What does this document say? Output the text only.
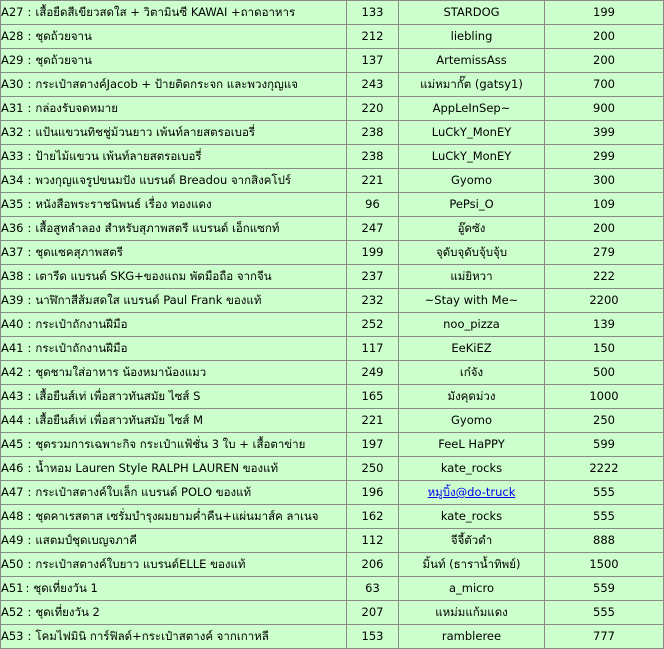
A27 : เสื้อยืดสีเขียวสดใส + วิตามินซี KAWAI +ถาดอาหาร	133	STARDOG	199
A28 : ชุดถ้วยจาน	212	liebling	200
A29 : ชุดถ้วยจาน	137	ArtemissAss	200
A30 : กระเป๋าสตางค์Jacob + ป้ายติดกระจก และพวงกุญแจ	243	แม่หมากั๊ต (gatsy1)	700
A31 : กล่องรับจดหมาย	220	AppLeInSep~	900
A32 : แป้นแขวนทิชชู่ม้วนยาว เพ้นท์ลายสตรอเบอรี่	238	LuCkY_MonEY	399
A33 : ป้ายไม้แขวน เพ้นท์ลายสตรอเบอรี่	238	LuCkY_MonEY	299
A34 : พวงกุญแจรูปขนมปัง แบรนด์ Breadou จากสิงคโปร์	221	Gyomo	300
A35 : หนังสือพระราชนิพนธ์ เรื่อง ทองแดง	96	PePsi_O	109
A36 : เสื้อสูทลำลอง สำหรับสุภาพสตรี แบรนด์ เอ็กแซกท์	247	อู๊ดซัง	200
A37 : ชุดแซคสุภาพสตรี	199	จุดับจุดับจุ้บจุ้บ	279
A38 : เตารีด แบรนด์ SKG+ของแถม พัดมือถือ จากจีน	237	แม่ยิหวา	222
A39 : นาฬิกาสีส้มสดใส แบรนด์ Paul Frank ของแท้	232	~Stay with Me~	2200
A40 : กระเป๋าถักงานฝีมือ	252	noo_pizza	139
A41 : กระเป๋าถักงานฝีมือ	117	EeKiEZ	150
A42 : ชุดชามใส่อาหาร น้องหมาน้องแมว	249	เก๋จัง	500
A43 : เสื้อยืนส์เท่ เพื่อสาวทันสมัย ไซส์ S	165	มังคุดม่วง	1000
A44 : เสื้อยืนส์เท่ เพื่อสาวทันสมัย ไซส์ M	221	Gyomo	250
A45 : ชุดรวมการเฉพาะกิจ กระเป๋าแฟ้ชั่น 3 ใบ + เสื้อตาข่าย	197	FeeL HaPPY	599
A46 : น้ำหอม Lauren Style RALPH LAUREN ของแท้	250	kate_rocks	2222
A47 : กระเป๋าสตางค์ใบเล็ก แบรนด์ POLO ของแท้	196	หมูบิ้ง@do-truck	555
A48 : ชุดคาเรสตาส เซรั่มบำรุงผมยามค่ำคืน+แผ่นมาส์ค ลาเนจ	162	kate_rocks	555
A49 : แสตมป์ชุดเบญจภาคี	112	จีจี้ตัวดำ	888
A50 : กระเป๋าสตางค์ใบยาว แบรนด์ELLE ของแท้	206	มิ้นท์ (ธาราน้ำทิพย์)	1500
A51 : ชุดเที่ยงวัน 1	63	a_micro	559
A52 : ชุดเที่ยงวัน 2	207	แหม่มแก้มแดง	555
A53 : โคมไฟมินิ การ์ฟิลด์+กระเป๋าสตางค์ จากเกาหลี	153	rambleree	777
